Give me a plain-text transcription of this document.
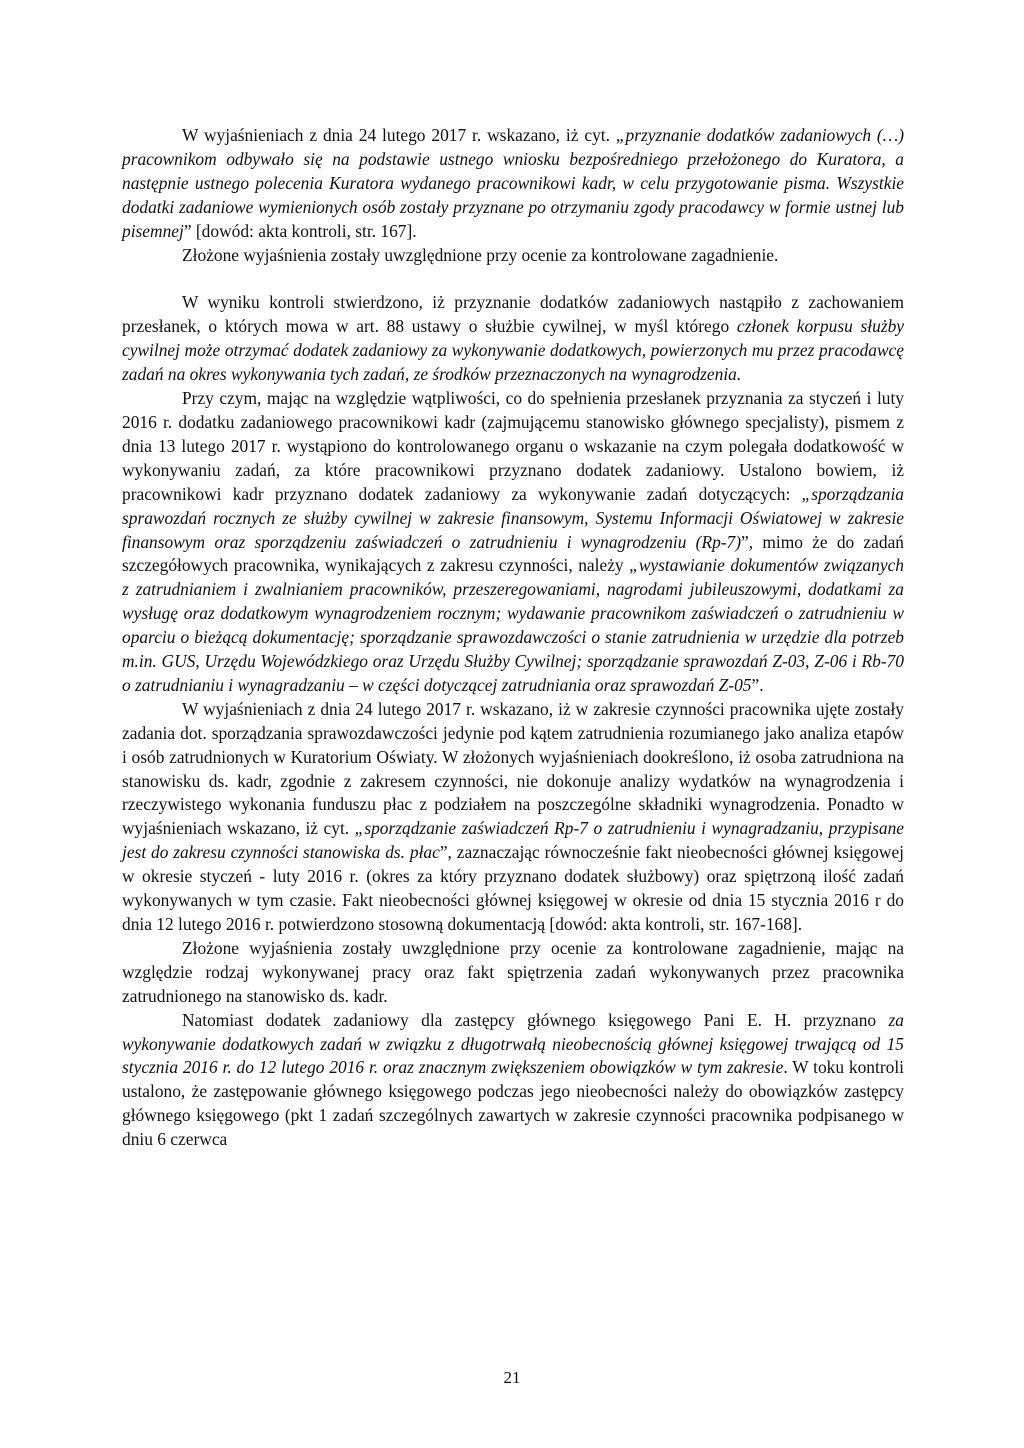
W wyjaśnieniach z dnia 24 lutego 2017 r. wskazano, iż cyt. „przyznanie dodatków zadaniowych (…) pracownikom odbywało się na podstawie ustnego wniosku bezpośredniego przełożonego do Kuratora, a następnie ustnego polecenia Kuratora wydanego pracownikowi kadr, w celu przygotowanie pisma. Wszystkie dodatki zadaniowe wymienionych osób zostały przyznane po otrzymaniu zgody pracodawcy w formie ustnej lub pisemnej” [dowód: akta kontroli, str. 167].

Złożone wyjaśnienia zostały uwzględnione przy ocenie za kontrolowane zagadnienie.

W wyniku kontroli stwierdzono, iż przyznanie dodatków zadaniowych nastąpiło z zachowaniem przesłanek, o których mowa w art. 88 ustawy o służbie cywilnej, w myśl którego członek korpusu służby cywilnej może otrzymać dodatek zadaniowy za wykonywanie dodatkowych, powierzonych mu przez pracodawcę zadań na okres wykonywania tych zadań, ze środków przeznaczonych na wynagrodzenia.

Przy czym, mając na względzie wątpliwości, co do spełnienia przesłanek przyznania za styczeń i luty 2016 r. dodatku zadaniowego pracownikowi kadr (zajmującemu stanowisko głównego specjalisty), pismem z dnia 13 lutego 2017 r. wystąpiono do kontrolowanego organu o wskazanie na czym polegała dodatkowość w wykonywaniu zadań, za które pracownikowi przyznano dodatek zadaniowy. Ustalono bowiem, iż pracownikowi kadr przyznano dodatek zadaniowy za wykonywanie zadań dotyczących: „sporządzania sprawozdań rocznych ze służby cywilnej w zakresie finansowym, Systemu Informacji Oświatowej w zakresie finansowym oraz sporządzeniu zaświadczeń o zatrudnieniu i wynagrodzeniu (Rp-7)”, mimo że do zadań szczegółowych pracownika, wynikających z zakresu czynności, należy „wystawianie dokumentów związanych z zatrudnianiem i zwalnianiem pracowników, przeszeregowaniami, nagrodami jubileuszowymi, dodatkami za wysługę oraz dodatkowym wynagrodzeniem rocznym; wydawanie pracownikom zaświadczeń o zatrudnieniu w oparciu o bieżącą dokumentację; sporządzanie sprawozdawczości o stanie zatrudnienia w urzędzie dla potrzeb m.in. GUS, Urzędu Wojewódzkiego oraz Urzędu Służby Cywilnej; sporządzanie sprawozdań Z-03, Z-06 i Rb-70 o zatrudnianiu i wynagradzaniu – w części dotyczącej zatrudniania oraz sprawozdań Z-05”.

W wyjaśnieniach z dnia 24 lutego 2017 r. wskazano, iż w zakresie czynności pracownika ujęte zostały zadania dot. sporządzania sprawozdawczości jedynie pod kątem zatrudnienia rozumianego jako analiza etapów i osób zatrudnionych w Kuratorium Oświaty. W złożonych wyjaśnieniach dookreślono, iż osoba zatrudniona na stanowisku ds. kadr, zgodnie z zakresem czynności, nie dokonuje analizy wydatków na wynagrodzenia i rzeczywistego wykonania funduszu płac z podziałem na poszczególne składniki wynagrodzenia. Ponadto w wyjaśnieniach wskazano, iż cyt. „sporządzanie zaświadczeń Rp-7 o zatrudnieniu i wynagradzaniu, przypisane jest do zakresu czynności stanowiska ds. płac”, zaznaczając równocześnie fakt nieobecności głównej księgowej w okresie styczeń - luty 2016 r. (okres za który przyznano dodatek służbowy) oraz spiętrzoną ilość zadań wykonywanych w tym czasie. Fakt nieobecności głównej księgowej w okresie od dnia 15 stycznia 2016 r do dnia 12 lutego 2016 r. potwierdzono stosowną dokumentacją [dowód: akta kontroli, str. 167-168].

Złożone wyjaśnienia zostały uwzględnione przy ocenie za kontrolowane zagadnienie, mając na względzie rodzaj wykonywanej pracy oraz fakt spiętrzenia zadań wykonywanych przez pracownika zatrudnionego na stanowisko ds. kadr.

Natomiast dodatek zadaniowy dla zastępcy głównego księgowego Pani E. H. przyznano za wykonywanie dodatkowych zadań w związku z długotrwałą nieobecnością głównej księgowej trwającą od 15 stycznia 2016 r. do 12 lutego 2016 r. oraz znacznym zwiększeniem obowiązków w tym zakresie. W toku kontroli ustalono, że zastępowanie głównego księgowego podczas jego nieobecności należy do obowiązków zastępcy głównego księgowego (pkt 1 zadań szczególnych zawartych w zakresie czynności pracownika podpisanego w dniu 6 czerwca

21
